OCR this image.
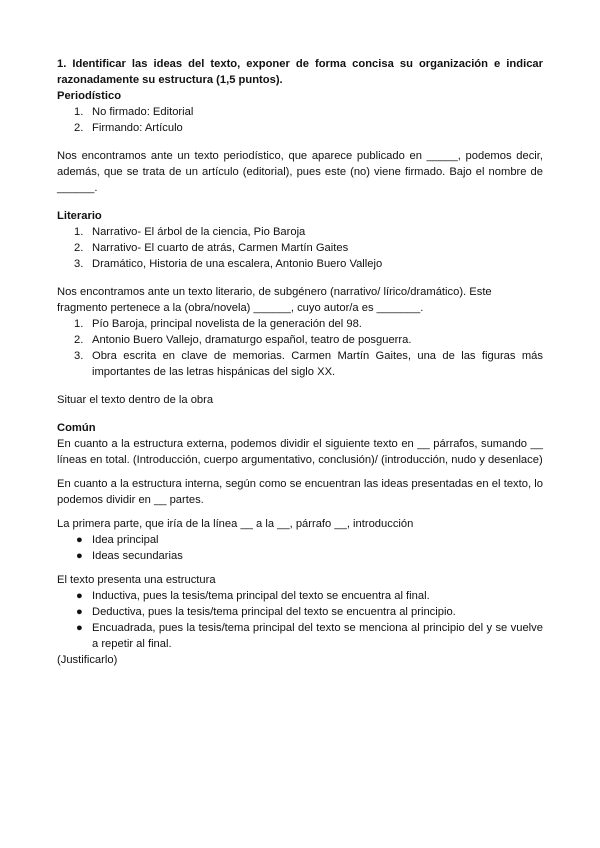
1. Identificar las ideas del texto, exponer de forma concisa su organización e indicar razonadamente su estructura (1,5 puntos).

Periodístico

1. No firmado: Editorial
2. Firmando: Artículo

Nos encontramos ante un texto periodístico, que aparece publicado en _____, podemos decir, además, que se trata de un artículo (editorial), pues este (no) viene firmado. Bajo el nombre de ______.

Literario

1. Narrativo- El árbol de la ciencia, Pio Baroja
2. Narrativo- El cuarto de atrás, Carmen Martín Gaites
3. Dramático, Historia de una escalera, Antonio Buero Vallejo

Nos encontramos ante un texto literario, de subgénero (narrativo/ lírico/dramático). Este fragmento pertenece a la (obra/novela) ______, cuyo autor/a es _______.

1. Pío Baroja, principal novelista de la generación del 98.
2. Antonio Buero Vallejo, dramaturgo español, teatro de posguerra.
3. Obra escrita en clave de memorias. Carmen Martín Gaites, una de las figuras más importantes de las letras hispánicas del siglo XX.

Situar el texto dentro de la obra

Común

En cuanto a la estructura externa, podemos dividir el siguiente texto en __ párrafos, sumando __ líneas en total. (Introducción, cuerpo argumentativo, conclusión)/ (introducción, nudo y desenlace)

En cuanto a la estructura interna, según como se encuentran las ideas presentadas en el texto, lo podemos dividir en __ partes.

La primera parte, que iría de la línea __ a la __, párrafo __, introducción

● Idea principal
● Ideas secundarias

El texto presenta una estructura

● Inductiva, pues la tesis/tema principal del texto se encuentra al final.
● Deductiva, pues la tesis/tema principal del texto se encuentra al principio.
● Encuadrada, pues la tesis/tema principal del texto se menciona al principio del y se vuelve a repetir al final.

(Justificarlo)
